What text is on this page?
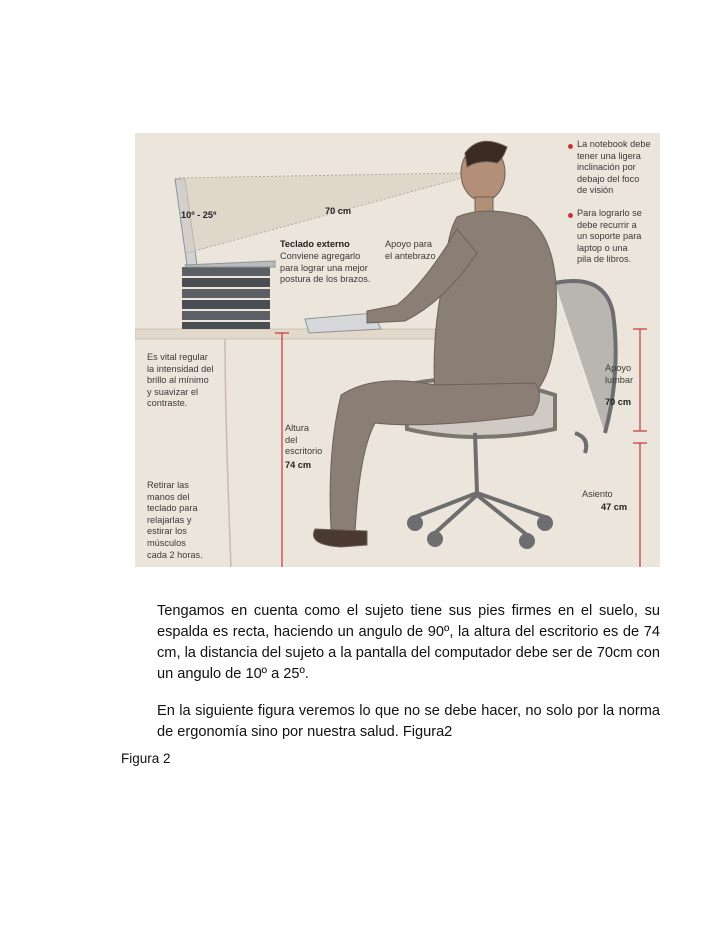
10º - 25º	70 cm
Teclado externo
Conviene agregarlo
para lograr una mejor
postura de los brazos.
Apoyo para
el antebrazo
La notebook debe
tener una ligera
inclinación por
debajo del foco
de visión
Para lograrlo se
debe recurrir a
un soporte para
laptop o una
pila de libros.
Es vital regular
la intensidad del
brillo al mínimo
y suavizar el
contraste.
Altura
del
escritorio
74 cm
Apoyo
lumbar
70 cm
Retirar las
manos del
teclado para
relajarlas y
estirar los
músculos
cada 2 horas.
Asiento
47 cm

Tengamos en cuenta como el sujeto tiene sus pies firmes en el suelo, su espalda es recta, haciendo un angulo de 90º, la altura del escritorio es de 74 cm, la distancia del sujeto a la pantalla del computador debe ser de 70cm con un angulo de 10º a 25º.

En la siguiente figura veremos lo que no se debe hacer, no solo por la norma de ergonomía sino por nuestra salud. Figura2

Figura 2
